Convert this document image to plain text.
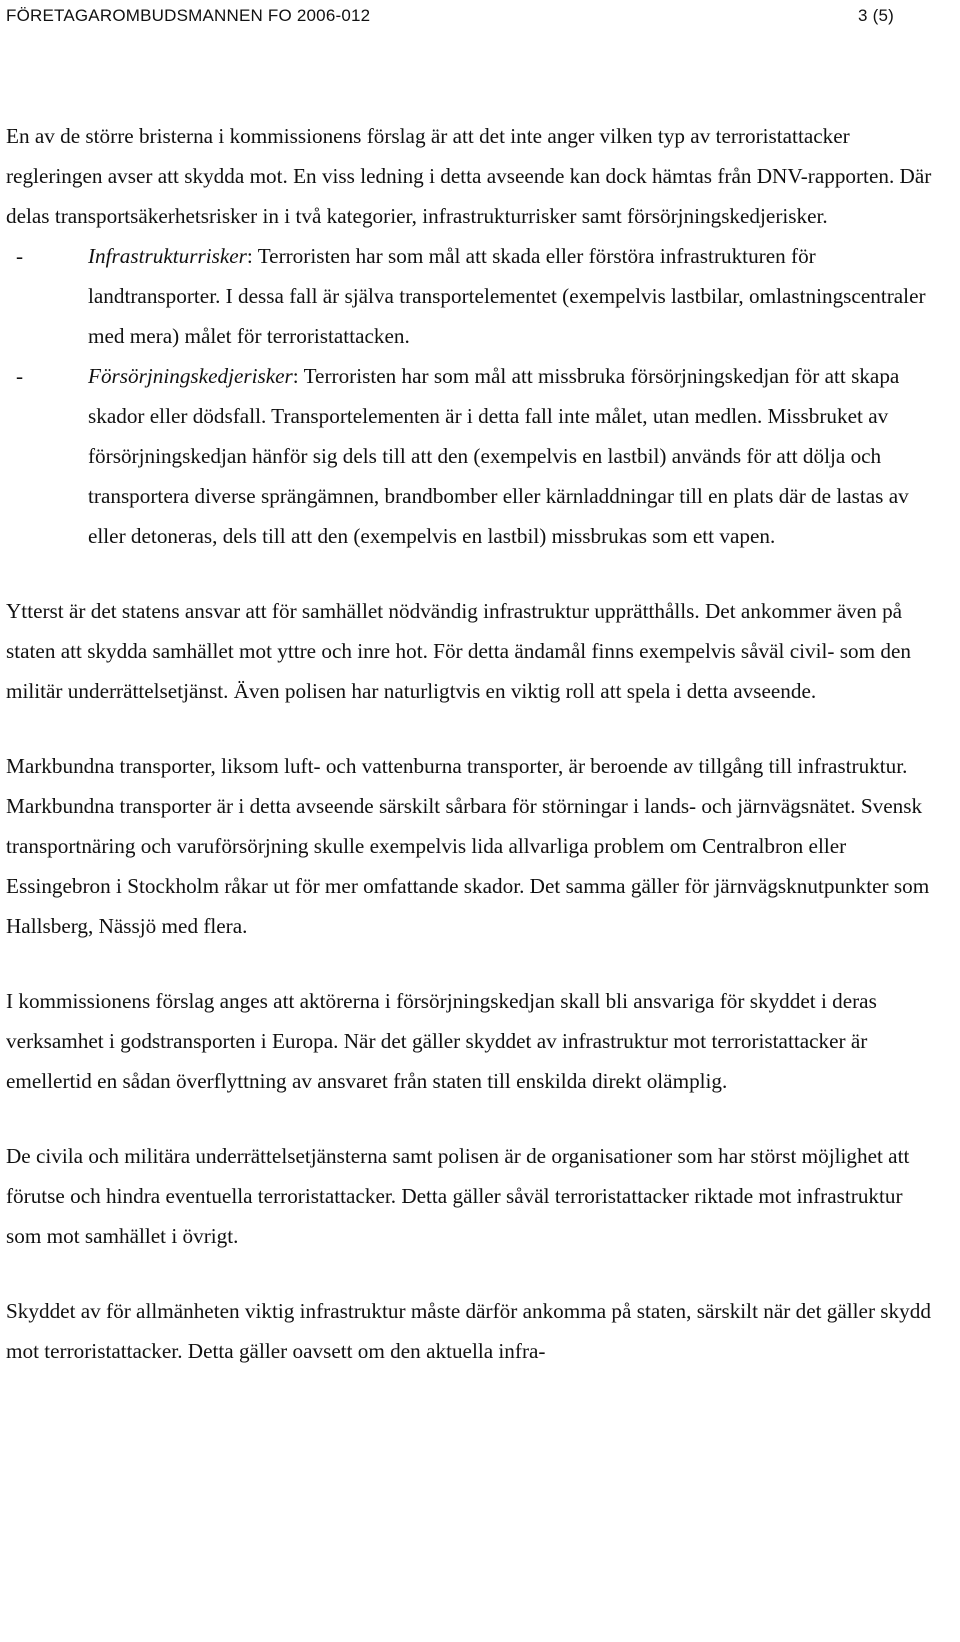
FÖRETAGAROMBUDSMANNEN FO 2006-012	3 (5)

En av de större bristerna i kommissionens förslag är att det inte anger vilken typ av terroristattacker regleringen avser att skydda mot. En viss ledning i detta avseende kan dock hämtas från DNV-rapporten. Där delas transportsäkerhetsrisker in i två kategorier, infrastrukturrisker samt försörjningskedjerisker.

-	Infrastrukturrisker: Terroristen har som mål att skada eller förstöra infrastrukturen för landtransporter. I dessa fall är själva transportelementet (exempelvis lastbilar, omlastningscentraler med mera) målet för terroristattacken.
-	Försörjningskedjerisker: Terroristen har som mål att missbruka försörjningskedjan för att skapa skador eller dödsfall. Transportelementen är i detta fall inte målet, utan medlen. Missbruket av försörjningskedjan hänför sig dels till att den (exempelvis en lastbil) används för att dölja och transportera diverse sprängämnen, brandbomber eller kärnladdningar till en plats där de lastas av eller detoneras, dels till att den (exempelvis en lastbil) missbrukas som ett vapen.

Ytterst är det statens ansvar att för samhället nödvändig infrastruktur upprätthålls. Det ankommer även på staten att skydda samhället mot yttre och inre hot. För detta ändamål finns exempelvis såväl civil- som den militär underrättelsetjänst. Även polisen har naturligtvis en viktig roll att spela i detta avseende.

Markbundna transporter, liksom luft- och vattenburna transporter, är beroende av tillgång till infrastruktur. Markbundna transporter är i detta avseende särskilt sårbara för störningar i lands- och järnvägsnätet. Svensk transportnäring och varuförsörjning skulle exempelvis lida allvarliga problem om Centralbron eller Essingebron i Stockholm råkar ut för mer omfattande skador. Det samma gäller för järnvägsknutpunkter som Hallsberg, Nässjö med flera.

I kommissionens förslag anges att aktörerna i försörjningskedjan skall bli ansvariga för skyddet i deras verksamhet i godstransporten i Europa. När det gäller skyddet av infrastruktur mot terroristattacker är emellertid en sådan överflyttning av ansvaret från staten till enskilda direkt olämplig.

De civila och militära underrättelsetjänsterna samt polisen är de organisationer som har störst möjlighet att förutse och hindra eventuella terroristattacker. Detta gäller såväl terroristattacker riktade mot infrastruktur som mot samhället i övrigt.

Skyddet av för allmänheten viktig infrastruktur måste därför ankomma på staten, särskilt när det gäller skydd mot terroristattacker. Detta gäller oavsett om den aktuella infra-
